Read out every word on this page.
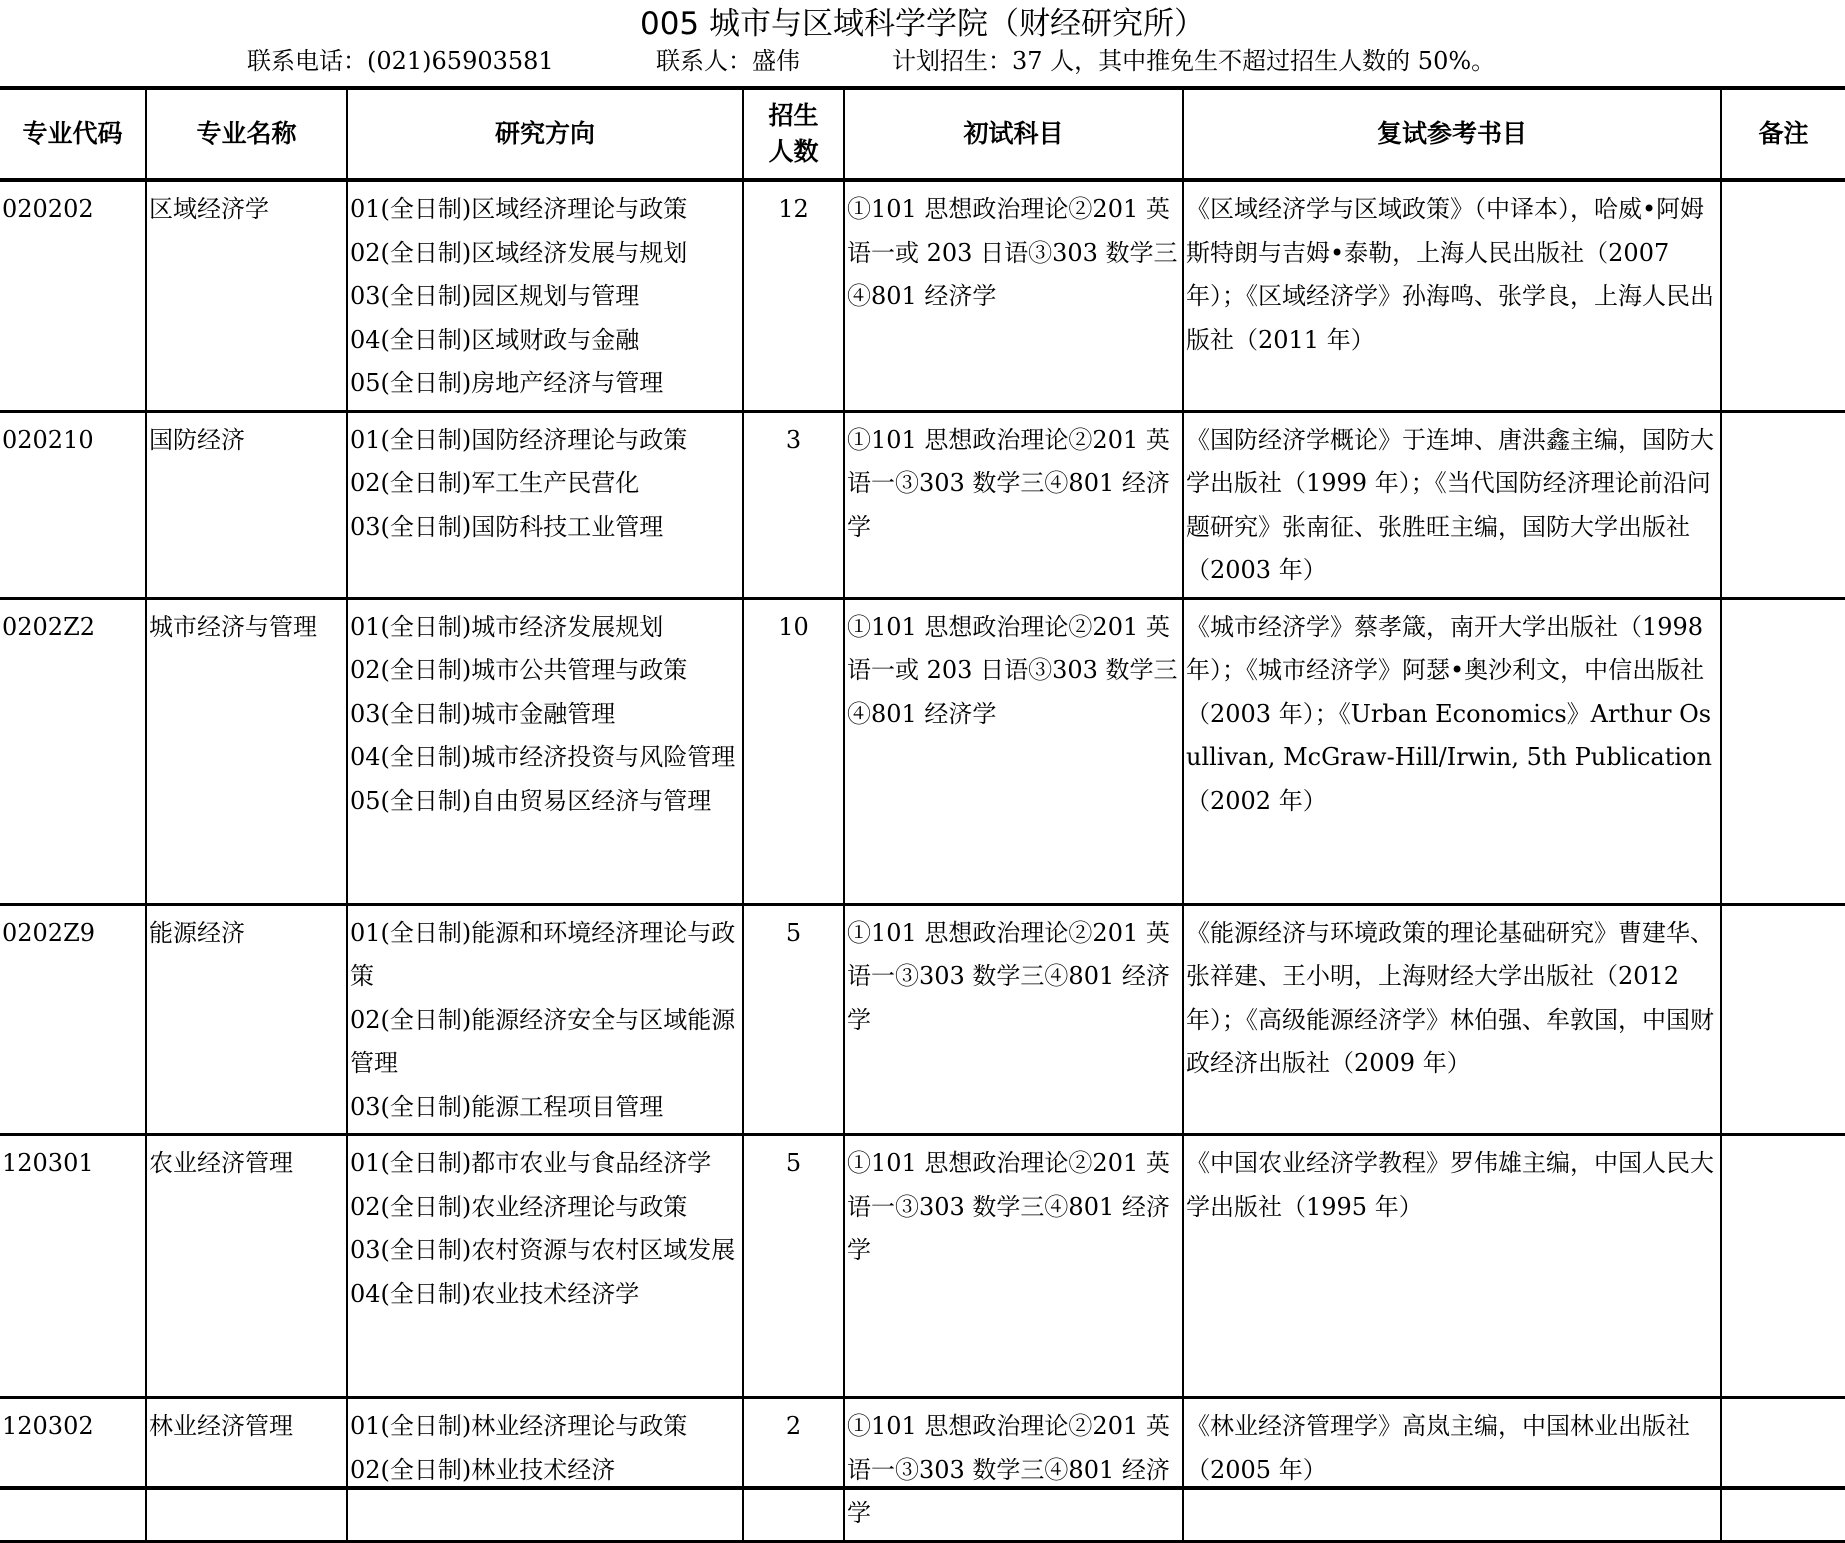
005 城市与区域科学学院（财经研究所）

联系电话：(021)65903581

	联系人：盛伟

	计划招生：37 人，其中推免生不超过招生人数的 50%。

专业代码	专业名称	研究方向	招生人数	初试科目	复试参考书目	备注
020202	区域经济学	01(全日制)区域经济理论与政策
02(全日制)区域经济发展与规划
03(全日制)园区规划与管理
04(全日制)区域财政与金融
05(全日制)房地产经济与管理	12	①101 思想政治理论②201 英语一或 203 日语③303 数学三④801 经济学	《区域经济学与区域政策》（中译本），哈威•阿姆斯特朗与吉姆•泰勒，上海人民出版社（2007 年）；《区域经济学》孙海鸣、张学良，上海人民出版社（2011 年）	
020210	国防经济	01(全日制)国防经济理论与政策
02(全日制)军工生产民营化
03(全日制)国防科技工业管理	3	①101 思想政治理论②201 英语一③303 数学三④801 经济学	《国防经济学概论》于连坤、唐洪鑫主编，国防大学出版社（1999 年）；《当代国防经济理论前沿问题研究》张南征、张胜旺主编，国防大学出版社（2003 年）	
0202Z2	城市经济与管理	01(全日制)城市经济发展规划
02(全日制)城市公共管理与政策
03(全日制)城市金融管理
04(全日制)城市经济投资与风险管理
05(全日制)自由贸易区经济与管理	10	①101 思想政治理论②201 英语一或 203 日语③303 数学三④801 经济学	《城市经济学》蔡孝箴，南开大学出版社（1998 年）；《城市经济学》阿瑟•奥沙利文，中信出版社（2003 年）；《Urban Economics》Arthur Osullivan, McGraw-Hill/Irwin, 5th Publication（2002 年）	
0202Z9	能源经济	01(全日制)能源和环境经济理论与政策
02(全日制)能源经济安全与区域能源管理
03(全日制)能源工程项目管理	5	①101 思想政治理论②201 英语一③303 数学三④801 经济学	《能源经济与环境政策的理论基础研究》曹建华、张祥建、王小明，上海财经大学出版社（2012 年）；《高级能源经济学》林伯强、牟敦国，中国财政经济出版社（2009 年）	
120301	农业经济管理	01(全日制)都市农业与食品经济学
02(全日制)农业经济理论与政策
03(全日制)农村资源与农村区域发展
04(全日制)农业技术经济学	5	①101 思想政治理论②201 英语一③303 数学三④801 经济学	《中国农业经济学教程》罗伟雄主编，中国人民大学出版社（1995 年）	
120302	林业经济管理	01(全日制)林业经济理论与政策
02(全日制)林业技术经济	2	①101 思想政治理论②201 英语一③303 数学三④801 经济学	《林业经济管理学》高岚主编，中国林业出版社（2005 年）	
